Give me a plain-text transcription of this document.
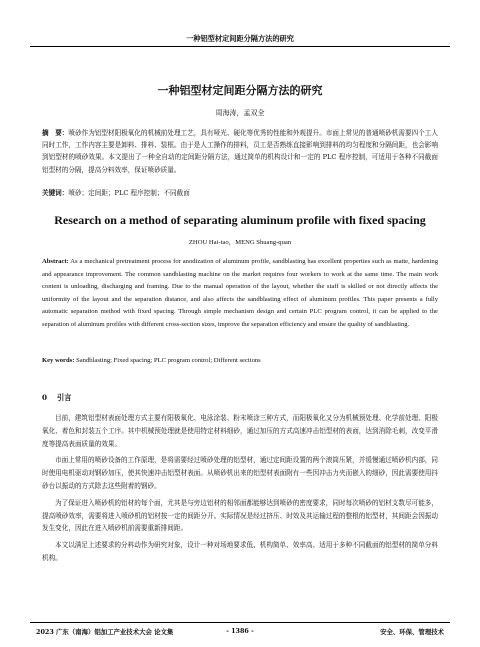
一种铝型材定间距分隔方法的研究
一种铝型材定间距分隔方法的研究
周海涛，孟双全
摘　要：喷砂作为铝型材阳极氧化的机械前处理工艺，具有哑光、硬化等优秀的性能和外观提升。市面上常见的普通喷砂机需要四个工人同时工作，工作内容主要是卸料、排料、装框。由于是人工操作的排料，员工是否熟练直接影响到排料的均匀程度和分隔间距，也会影响到铝型材的喷砂效果。本文提出了一种全自动的定间距分隔方法，通过简单的机构设计和一定的 PLC 程序控制，可适用于各种不同截面铝型材的分隔，提高分料效率，保证喷砂质量。
关键词：喷砂；定间距；PLC 程序控制；不同截面
Research on a method of separating aluminum profile with fixed spacing
ZHOU Hai-tao，MENG Shuang-quan
Abstract: As a mechanical pretreatment process for anodization of aluminum profile, sandblasting has excellent properties such as matte, hardening and appearance improvement. The common sandblasting machine on the market requires four workers to work at the same time. The main work content is unloading, discharging and framing. Due to the manual operation of the layout, whether the staff is skilled or not directly affects the uniformity of the layout and the separation distance, and also affects the sandblasting effect of aluminum profiles. This paper presents a fully automatic separation method with fixed spacing. Through simple mechanism design and certain PLC program control, it can be applied to the separation of aluminum profiles with different cross-section sizes, improve the separation efficiency and ensure the quality of sandblasting.
Key words: Sandblasting; Fixed spacing; PLC program control; Different sections
0 引言

目前，建筑铝型材表面处理方式主要有阳极氧化、电泳涂装、粉末喷涂三种方式，而阳极氧化又分为机械预处理、化学前处理、阳极氧化、着色和封装五个工序。其中机械预处理就是使用特定材料细砂，通过加压的方式高速冲击铝型材的表面，达到消除毛刺，改变平滑度等提高表面质量的效果。

市面上常用的喷砂设备的工作原理，是将需要经过喷砂处理的铝型材，通过定间距设置的两个滚筒压紧，并缓慢通过喷砂机内部，同时使用电机驱动对钢砂加压，使其快速冲击铝型材表面。从喷砂机出来的铝型材表面附有一些因冲击力夹而嵌入的细砂，因此需要使用抖砂台以振动的方式除去这些附着的钢砂。

为了保证进入喷砂机的铝材的每个面，尤其是与旁边铝材的相邻面都能够达到喷砂的密度要求，同时每次喷砂的铝材支数尽可能多，提高喷砂效率，需要将进入喷砂机的铝材按一定的间距分开。实际情况是经过挤压、时效及其运输过程的整根的铝型材，其间距会因振动发生变化，因此在进入喷砂机前需要重新排间距。

本文以满足上述要求的分料动作为研究对象，设计一种对场地要求低、机构简单、效率高、适用于多种不同截面的铝型材的简单分料机构。

2023 广东（南海）铝加工产业技术大会 论文集	- 1386 -	安全、环保、管理技术
